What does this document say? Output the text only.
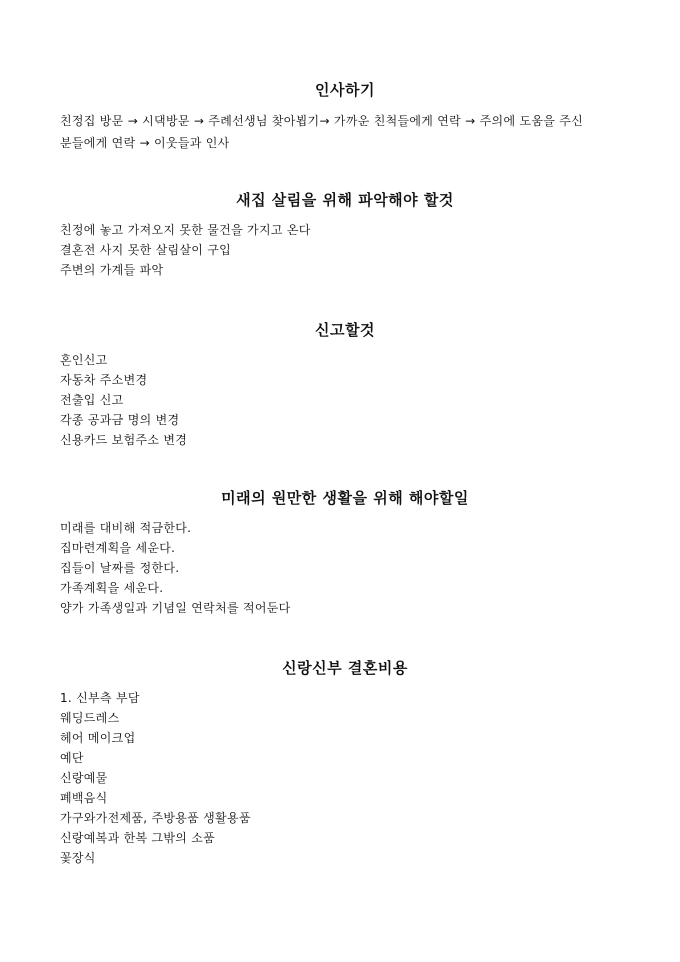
인사하기

친정집 방문 → 시댁방문 → 주례선생님 찾아뵙기→ 가까운 친척들에게 연락 → 주의에 도움을 주신 분들에게 연락 → 이웃들과 인사

새집 살림을 위해 파악해야 할것

친정에 놓고 가져오지 못한 물건을 가지고 온다

결혼전 사지 못한 살림살이 구입

주변의 가계들 파악

신고할것

혼인신고

자동차 주소변경

전출입 신고

각종 공과금 명의 변경

신용카드 보험주소 변경

미래의 원만한 생활을 위해 해야할일

미래를 대비해 적금한다.

집마련계획을 세운다.

집들이 날짜를 정한다.

가족계획을 세운다.

양가 가족생일과 기념일 연락처를 적어둔다

신랑신부 결혼비용

1. 신부측 부담

웨딩드레스

헤어 메이크업

예단

신랑예물

폐백음식

가구와가전제품, 주방용품 생활용품

신랑예복과 한복 그밖의 소품

꽃장식
